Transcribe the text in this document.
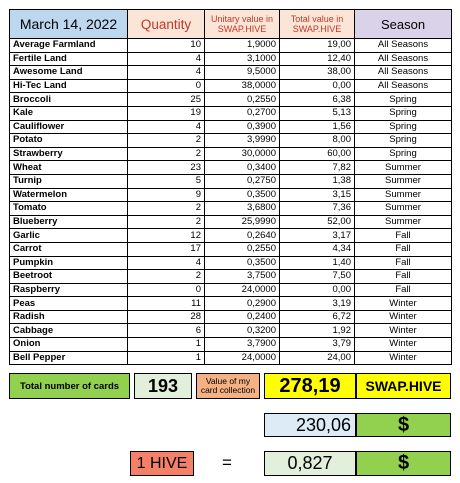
March 14, 2022	Quantity	Unitary value in SWAP.HIVE	Total value in SWAP.HIVE	Season
Average Farmland	10	1,9000	19,00	All Seasons
Fertile Land	4	3,1000	12,40	All Seasons
Awesome Land	4	9,5000	38,00	All Seasons
Hi-Tec Land	0	38,0000	0,00	All Seasons
Broccoli	25	0,2550	6,38	Spring
Kale	19	0,2700	5,13	Spring
Cauliflower	4	0,3900	1,56	Spring
Potato	2	3,9990	8,00	Spring
Strawberry	2	30,0000	60,00	Spring
Wheat	23	0,3400	7,82	Summer
Turnip	5	0,2750	1,38	Summer
Watermelon	9	0,3500	3,15	Summer
Tomato	2	3,6800	7,36	Summer
Blueberry	2	25,9990	52,00	Summer
Garlic	12	0,2640	3,17	Fall
Carrot	17	0,2550	4,34	Fall
Pumpkin	4	0,3500	1,40	Fall
Beetroot	2	3,7500	7,50	Fall
Raspberry	0	24,0000	0,00	Fall
Peas	11	0,2900	3,19	Winter
Radish	28	0,2400	6,72	Winter
Cabbage	6	0,3200	1,92	Winter
Onion	1	3,7900	3,79	Winter
Bell Pepper	1	24,0000	24,00	Winter
Total number of cards 193	Value of my card collection 278,19 SWAP.HIVE
230,06 $
1 HIVE =	0,827	$
